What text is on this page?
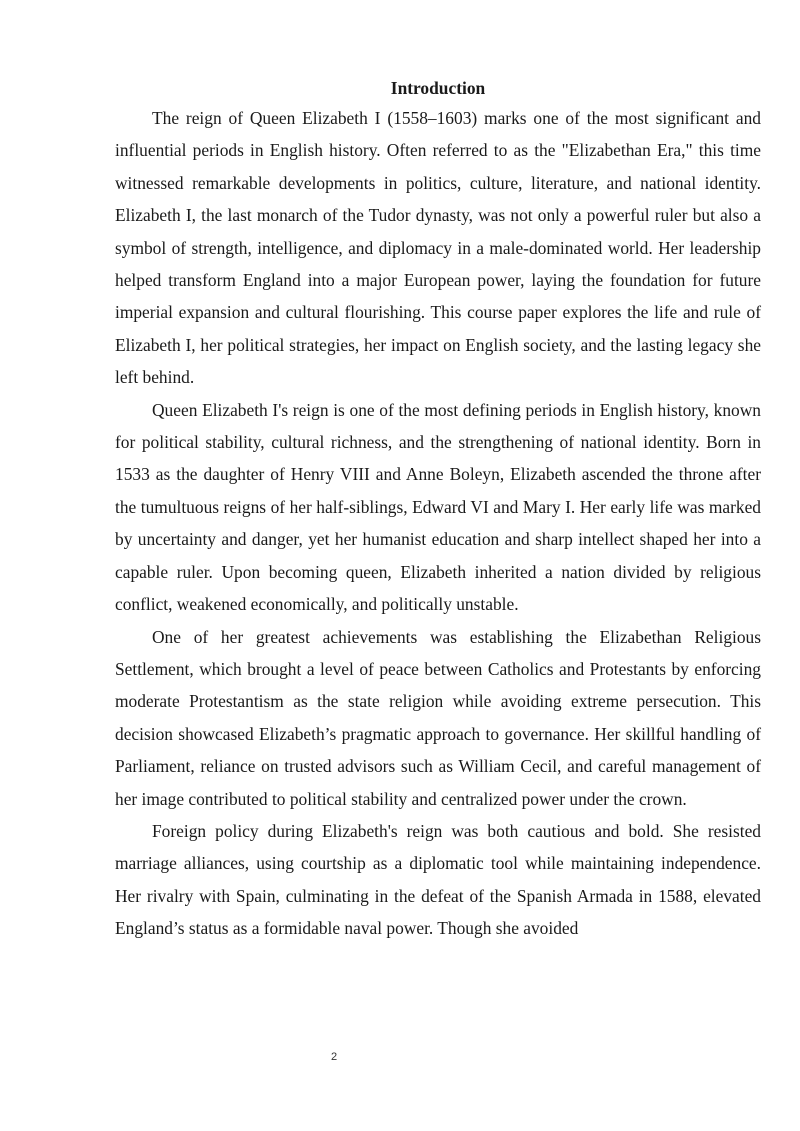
Introduction

The reign of Queen Elizabeth I (1558–1603) marks one of the most significant and influential periods in English history. Often referred to as the "Elizabethan Era," this time witnessed remarkable developments in politics, culture, literature, and national identity. Elizabeth I, the last monarch of the Tudor dynasty, was not only a powerful ruler but also a symbol of strength, intelligence, and diplomacy in a male-dominated world. Her leadership helped transform England into a major European power, laying the foundation for future imperial expansion and cultural flourishing. This course paper explores the life and rule of Elizabeth I, her political strategies, her impact on English society, and the lasting legacy she left behind.

Queen Elizabeth I's reign is one of the most defining periods in English history, known for political stability, cultural richness, and the strengthening of national identity. Born in 1533 as the daughter of Henry VIII and Anne Boleyn, Elizabeth ascended the throne after the tumultuous reigns of her half-siblings, Edward VI and Mary I. Her early life was marked by uncertainty and danger, yet her humanist education and sharp intellect shaped her into a capable ruler. Upon becoming queen, Elizabeth inherited a nation divided by religious conflict, weakened economically, and politically unstable.

One of her greatest achievements was establishing the Elizabethan Religious Settlement, which brought a level of peace between Catholics and Protestants by enforcing moderate Protestantism as the state religion while avoiding extreme persecution. This decision showcased Elizabeth’s pragmatic approach to governance. Her skillful handling of Parliament, reliance on trusted advisors such as William Cecil, and careful management of her image contributed to political stability and centralized power under the crown.

Foreign policy during Elizabeth's reign was both cautious and bold. She resisted marriage alliances, using courtship as a diplomatic tool while maintaining independence. Her rivalry with Spain, culminating in the defeat of the Spanish Armada in 1588, elevated England’s status as a formidable naval power. Though she avoided

2
